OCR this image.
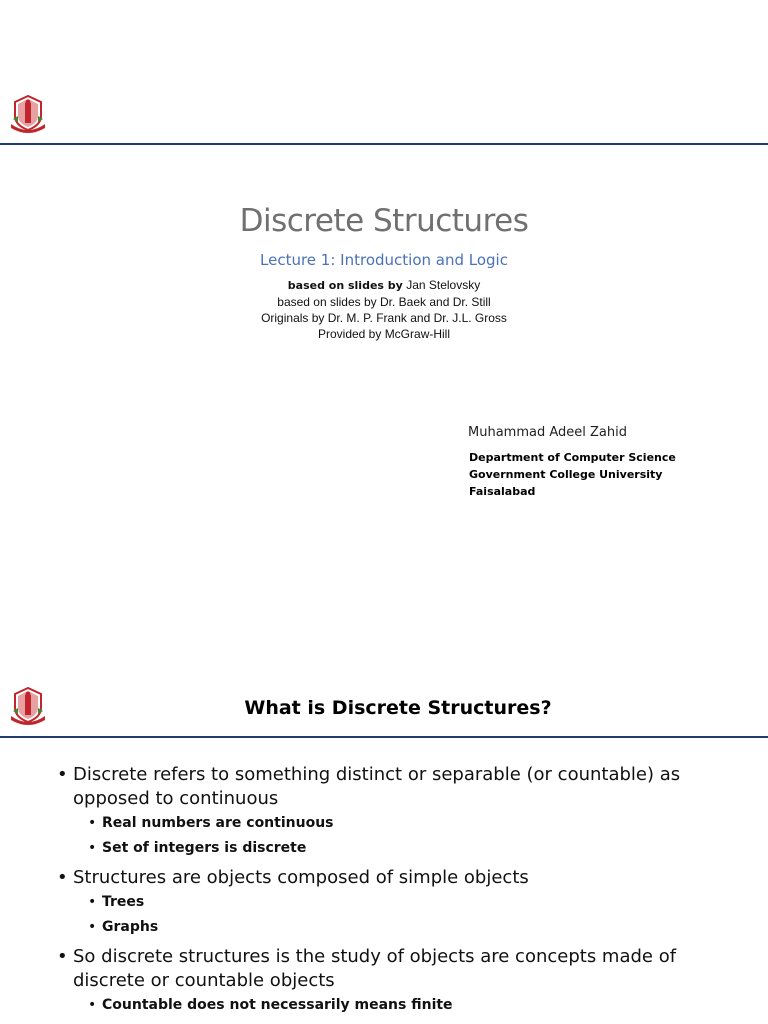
Discrete Structures
Lecture 1: Introduction and Logic
based on slides by Jan Stelovsky
based on slides by Dr. Baek and Dr. Still
Originals by Dr. M. P. Frank and Dr. J.L. Gross
Provided by McGraw-Hill
Muhammad Adeel Zahid
Department of Computer Science
Government College University
Faisalabad
What is Discrete Structures?
• Discrete refers to something distinct or separable (or countable) as opposed to continuous
• Real numbers are continuous
• Set of integers is discrete
• Structures are objects composed of simple objects
• Trees
• Graphs
• So discrete structures is the study of objects are concepts made of discrete or countable objects
• Countable does not necessarily means finite
